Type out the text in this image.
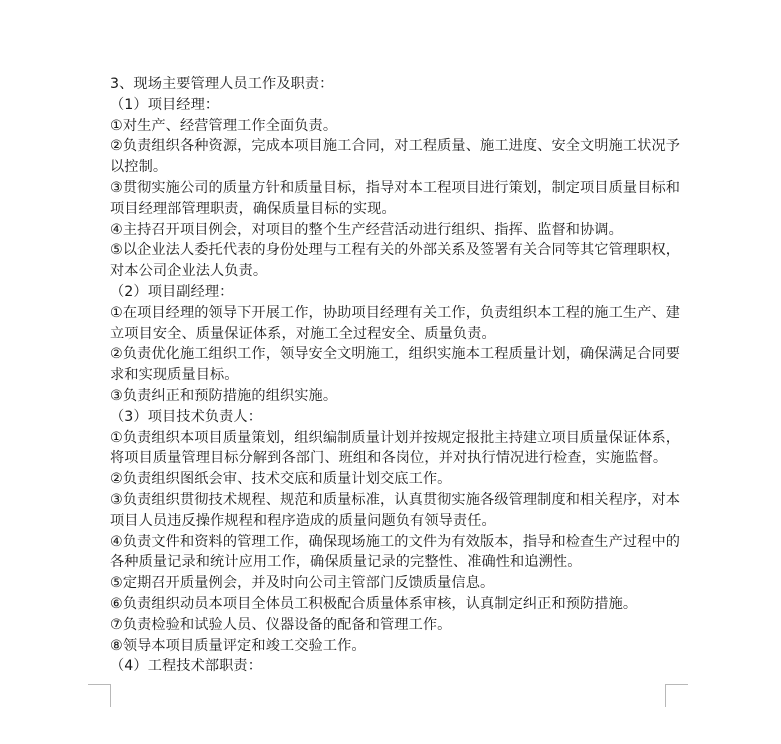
3、现场主要管理人员工作及职责：
（1）项目经理：
①对生产、经营管理工作全面负责。
②负责组织各种资源，完成本项目施工合同，对工程质量、施工进度、安全文明施工状况予
以控制。
③贯彻实施公司的质量方针和质量目标，指导对本工程项目进行策划，制定项目质量目标和
项目经理部管理职责，确保质量目标的实现。
④主持召开项目例会，对项目的整个生产经营活动进行组织、指挥、监督和协调。
⑤以企业法人委托代表的身份处理与工程有关的外部关系及签署有关合同等其它管理职权，
对本公司企业法人负责。
（2）项目副经理：
①在项目经理的领导下开展工作，协助项目经理有关工作，负责组织本工程的施工生产、建
立项目安全、质量保证体系，对施工全过程安全、质量负责。
②负责优化施工组织工作，领导安全文明施工，组织实施本工程质量计划，确保满足合同要
求和实现质量目标。
③负责纠正和预防措施的组织实施。
（3）项目技术负责人：
①负责组织本项目质量策划，组织编制质量计划并按规定报批主持建立项目质量保证体系，
将项目质量管理目标分解到各部门、班组和各岗位，并对执行情况进行检查，实施监督。
②负责组织图纸会审、技术交底和质量计划交底工作。
③负责组织贯彻技术规程、规范和质量标准，认真贯彻实施各级管理制度和相关程序，对本
项目人员违反操作规程和程序造成的质量问题负有领导责任。
④负责文件和资料的管理工作，确保现场施工的文件为有效版本，指导和检查生产过程中的
各种质量记录和统计应用工作，确保质量记录的完整性、准确性和追溯性。
⑤定期召开质量例会，并及时向公司主管部门反馈质量信息。
⑥负责组织动员本项目全体员工积极配合质量体系审核，认真制定纠正和预防措施。
⑦负责检验和试验人员、仪器设备的配备和管理工作。
⑧领导本项目质量评定和竣工交验工作。
（4）工程技术部职责：
